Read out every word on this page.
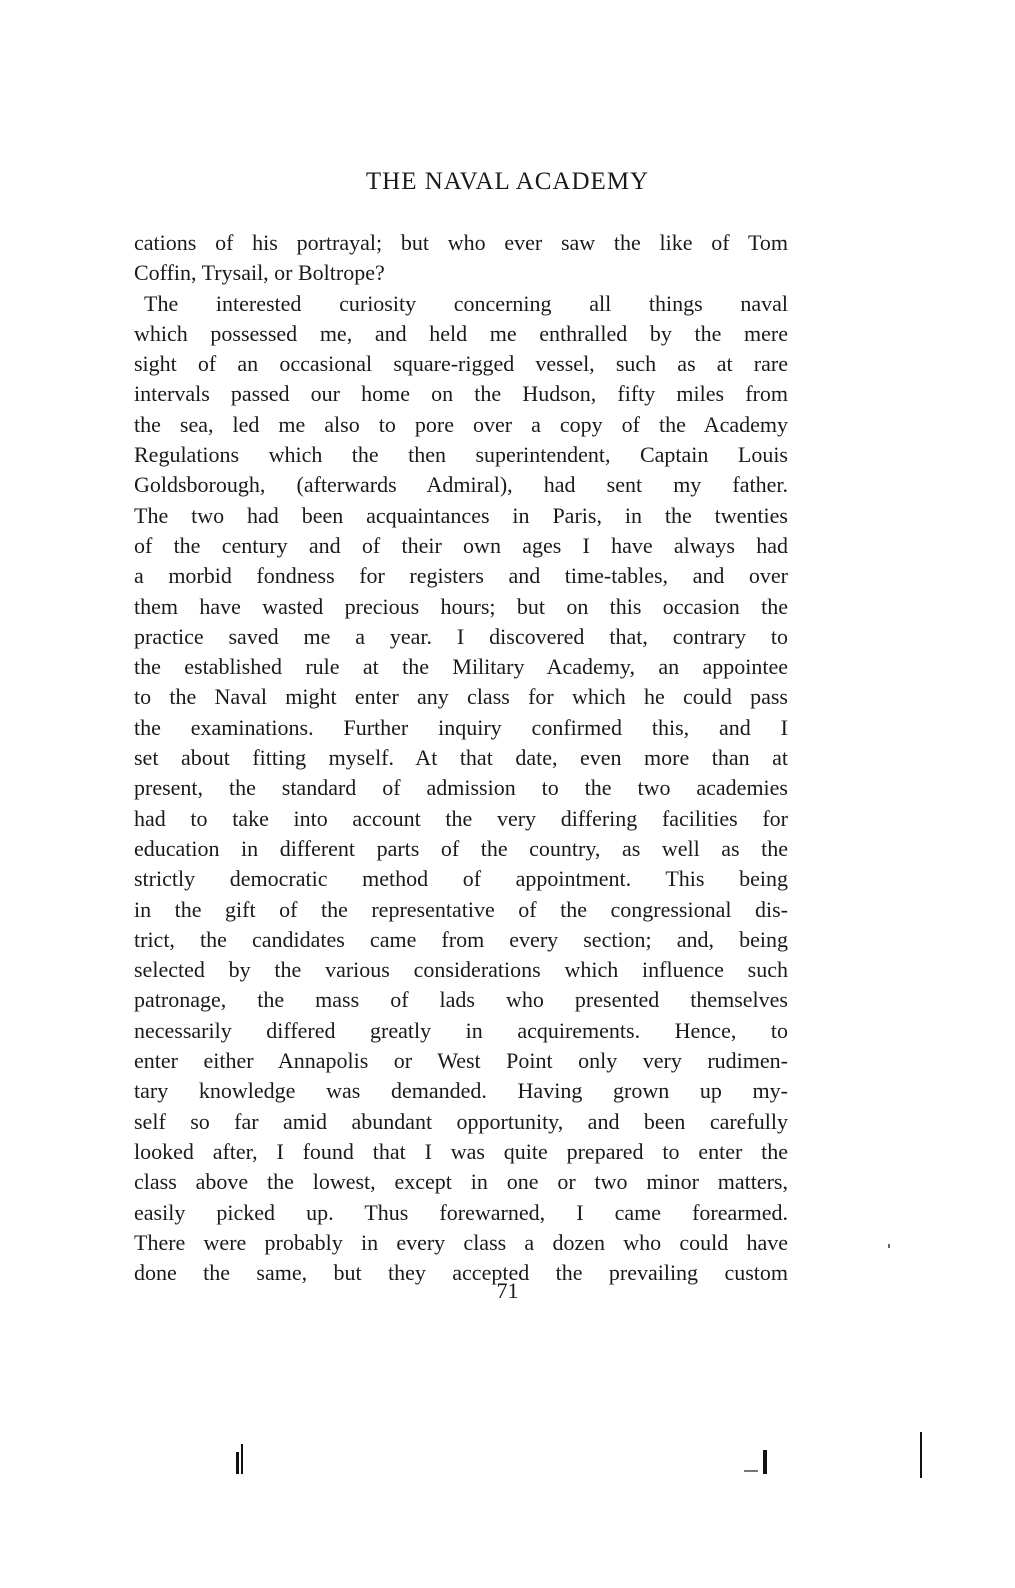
THE NAVAL ACADEMY
cations of his portrayal; but who ever saw the like of Tom
Coffin, Trysail, or Boltrope?
The interested curiosity concerning all things naval
which possessed me, and held me enthralled by the mere
sight of an occasional square-rigged vessel, such as at rare
intervals passed our home on the Hudson, fifty miles from
the sea, led me also to pore over a copy of the Academy
Regulations which the then superintendent, Captain Louis
Goldsborough, (afterwards Admiral), had sent my father.
The two had been acquaintances in Paris, in the twenties
of the century and of their own ages I have always had
a morbid fondness for registers and time-tables, and over
them have wasted precious hours; but on this occasion the
practice saved me a year. I discovered that, contrary to
the established rule at the Military Academy, an appointee
to the Naval might enter any class for which he could pass
the examinations. Further inquiry confirmed this, and I
set about fitting myself. At that date, even more than at
present, the standard of admission to the two academies
had to take into account the very differing facilities for
education in different parts of the country, as well as the
strictly democratic method of appointment. This being
in the gift of the representative of the congressional dis-
trict, the candidates came from every section; and, being
selected by the various considerations which influence such
patronage, the mass of lads who presented themselves
necessarily differed greatly in acquirements. Hence, to
enter either Annapolis or West Point only very rudimen-
tary knowledge was demanded. Having grown up my-
self so far amid abundant opportunity, and been carefully
looked after, I found that I was quite prepared to enter the
class above the lowest, except in one or two minor matters,
easily picked up. Thus forewarned, I came forearmed.
There were probably in every class a dozen who could have
done the same, but they accepted the prevailing custom
71
